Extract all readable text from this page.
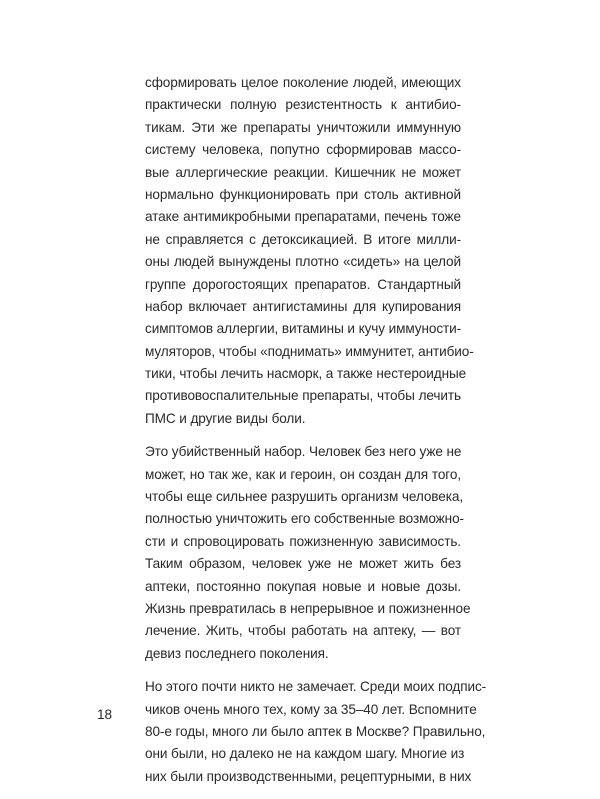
сформировать целое поколение людей, имеющих
практически полную резистентность к антибио-
тикам. Эти же препараты уничтожили иммунную
систему человека, попутно сформировав массо-
вые аллергические реакции. Кишечник не может
нормально функционировать при столь активной
атаке антимикробными препаратами, печень тоже
не справляется с детоксикацией. В итоге милли-
оны людей вынуждены плотно «сидеть» на целой
группе дорогостоящих препаратов. Стандартный
набор включает антигистамины для купирования
симптомов аллергии, витамины и кучу иммуности-
муляторов, чтобы «поднимать» иммунитет, антибио-
тики, чтобы лечить насморк, а также нестероидные
противовоспалительные препараты, чтобы лечить
ПМС и другие виды боли.
Это убийственный набор. Человек без него уже не
может, но так же, как и героин, он создан для того,
чтобы еще сильнее разрушить организм человека,
полностью уничтожить его собственные возможно-
сти и спровоцировать пожизненную зависимость.
Таким образом, человек уже не может жить без
аптеки, постоянно покупая новые и новые дозы.
Жизнь превратилась в непрерывное и пожизненное
лечение. Жить, чтобы работать на аптеку, — вот
девиз последнего поколения.
Но этого почти никто не замечает. Среди моих подпис-
чиков очень много тех, кому за 35–40 лет. Вспомните
80-е годы, много ли было аптек в Москве? Правильно,
они были, но далеко не на каждом шагу. Многие из
них были производственными, рецептурными, в них
18
